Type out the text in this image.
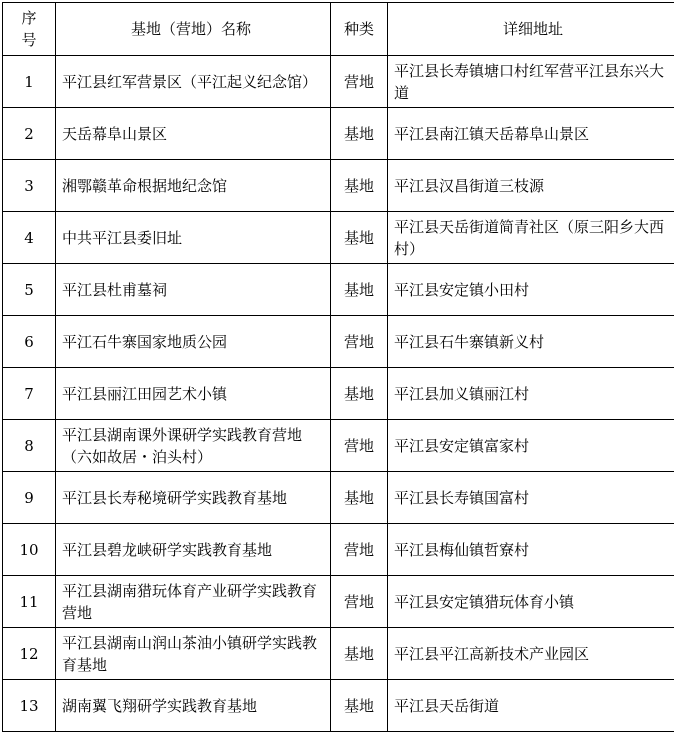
序号	基地（营地）名称	种类	详细地址
1	平江县红军营景区（平江起义纪念馆）	营地	平江县长寿镇塘口村红军营平江县东兴大道
2	天岳幕阜山景区	基地	平江县南江镇天岳幕阜山景区
3	湘鄂赣革命根据地纪念馆	基地	平江县汉昌街道三枝源
4	中共平江县委旧址	基地	平江县天岳街道简青社区（原三阳乡大西村）
5	平江县杜甫墓祠	基地	平江县安定镇小田村
6	平江石牛寨国家地质公园	营地	平江县石牛寨镇新义村
7	平江县丽江田园艺术小镇	基地	平江县加义镇丽江村
8	平江县湖南课外课研学实践教育营地（六如故居・泊头村）	营地	平江县安定镇富家村
9	平江县长寿秘境研学实践教育基地	基地	平江县长寿镇国富村
10	平江县碧龙峡研学实践教育基地	营地	平江县梅仙镇哲寮村
11	平江县湖南猎玩体育产业研学实践教育营地	营地	平江县安定镇猎玩体育小镇
12	平江县湖南山润山茶油小镇研学实践教育基地	基地	平江县平江高新技术产业园区
13	湖南翼飞翔研学实践教育基地	基地	平江县天岳街道
